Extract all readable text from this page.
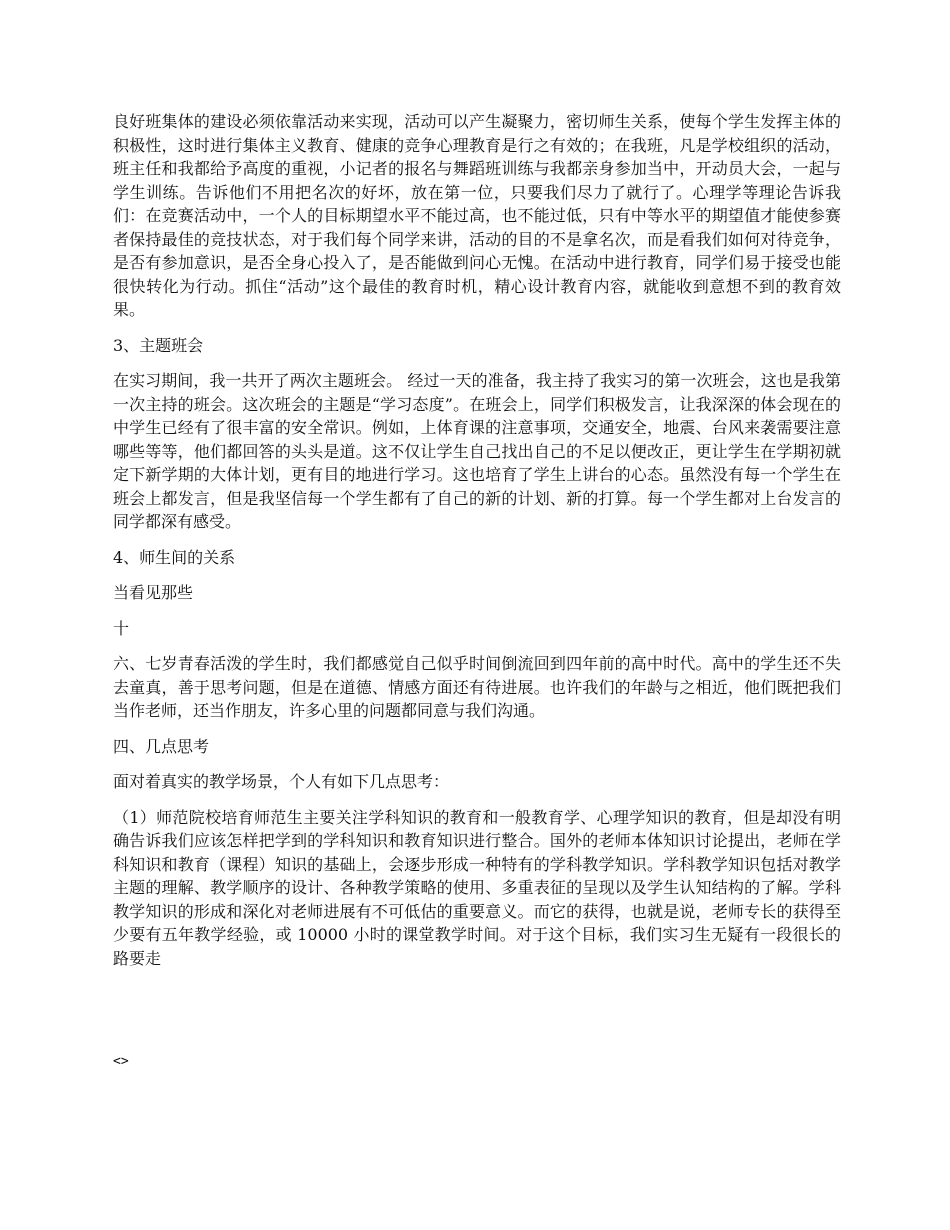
良好班集体的建设必须依靠活动来实现，活动可以产生凝聚力，密切师生关系，使每个学生发挥主体的积极性，这时进行集体主义教育、健康的竞争心理教育是行之有效的；在我班，凡是学校组织的活动，班主任和我都给予高度的重视，小记者的报名与舞蹈班训练与我都亲身参加当中，开动员大会，一起与学生训练。告诉他们不用把名次的好坏，放在第一位，只要我们尽力了就行了。心理学等理论告诉我们：在竞赛活动中，一个人的目标期望水平不能过高，也不能过低，只有中等水平的期望值才能使参赛者保持最佳的竞技状态，对于我们每个同学来讲，活动的目的不是拿名次，而是看我们如何对待竞争，是否有参加意识，是否全身心投入了，是否能做到问心无愧。在活动中进行教育，同学们易于接受也能很快转化为行动。抓住“活动”这个最佳的教育时机，精心设计教育内容，就能收到意想不到的教育效果。

3、主题班会

在实习期间，我一共开了两次主题班会。 经过一天的准备，我主持了我实习的第一次班会，这也是我第一次主持的班会。这次班会的主题是“学习态度”。在班会上，同学们积极发言，让我深深的体会现在的中学生已经有了很丰富的安全常识。例如，上体育课的注意事项，交通安全，地震、台风来袭需要注意哪些等等，他们都回答的头头是道。这不仅让学生自己找出自己的不足以便改正，更让学生在学期初就定下新学期的大体计划，更有目的地进行学习。这也培育了学生上讲台的心态。虽然没有每一个学生在班会上都发言，但是我坚信每一个学生都有了自己的新的计划、新的打算。每一个学生都对上台发言的同学都深有感受。

4、师生间的关系

当看见那些

十

六、七岁青春活泼的学生时，我们都感觉自己似乎时间倒流回到四年前的高中时代。高中的学生还不失去童真，善于思考问题，但是在道德、情感方面还有待进展。也许我们的年龄与之相近，他们既把我们当作老师，还当作朋友，许多心里的问题都同意与我们沟通。

四、几点思考

面对着真实的教学场景，个人有如下几点思考：

（1）师范院校培育师范生主要关注学科知识的教育和一般教育学、心理学知识的教育，但是却没有明确告诉我们应该怎样把学到的学科知识和教育知识进行整合。国外的老师本体知识讨论提出，老师在学科知识和教育（课程）知识的基础上，会逐步形成一种特有的学科教学知识。学科教学知识包括对教学主题的理解、教学顺序的设计、各种教学策略的使用、多重表征的呈现以及学生认知结构的了解。学科教学知识的形成和深化对老师进展有不可低估的重要意义。而它的获得，也就是说，老师专长的获得至少要有五年教学经验，或 10000 小时的课堂教学时间。对于这个目标，我们实习生无疑有一段很长的路要走

<>
